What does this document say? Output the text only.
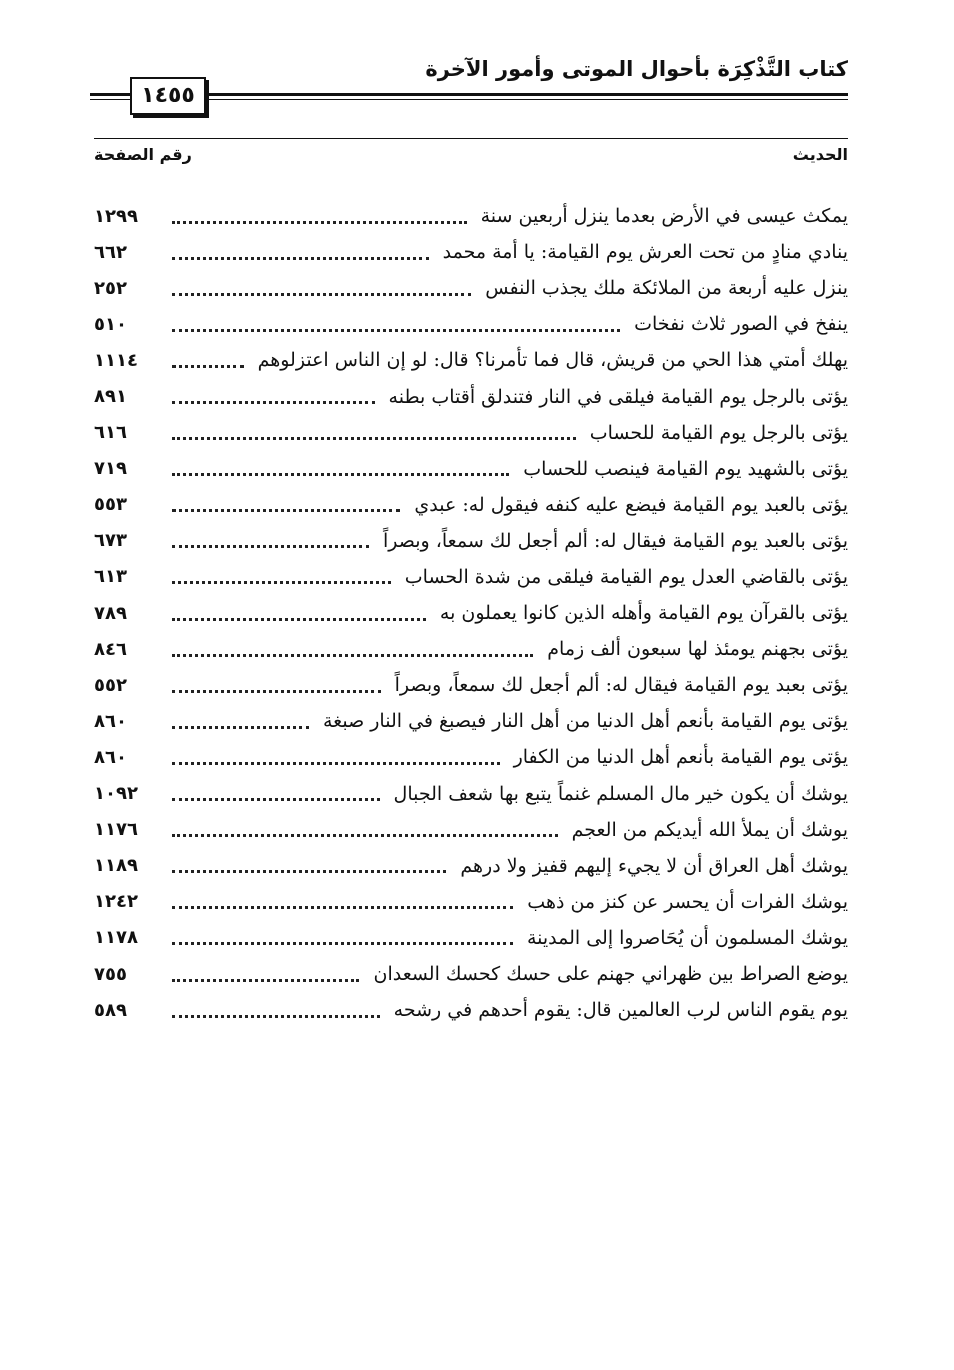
كتاب التَّذْكِرَة بأحوال الموتى وأمور الآخرة
١٤٥٥
الحديث
رقم الصفحة
يمكث عيسى في الأرض بعدما ينزل أربعين سنة
١٢٩٩
ينادي منادٍ من تحت العرش يوم القيامة: يا أمة محمد
٦٦٢
ينزل عليه أربعة من الملائكة ملك يجذب النفس
٢٥٢
ينفخ في الصور ثلاث نفخات
٥١٠
يهلك أمتي هذا الحي من قريش، قال فما تأمرنا؟ قال: لو إن الناس اعتزلوهم
١١١٤
يؤتى بالرجل يوم القيامة فيلقى في النار فتندلق أقتاب بطنه
٨٩١
يؤتى بالرجل يوم القيامة للحساب
٦١٦
يؤتى بالشهيد يوم القيامة فينصب للحساب
٧١٩
يؤتى بالعبد يوم القيامة فيضع عليه كنفه فيقول له: عبدي
٥٥٣
يؤتى بالعبد يوم القيامة فيقال له: ألم أجعل لك سمعاً، وبصراً
٦٧٣
يؤتى بالقاضي العدل يوم القيامة فيلقى من شدة الحساب
٦١٣
يؤتى بالقرآن يوم القيامة وأهله الذين كانوا يعملون به
٧٨٩
يؤتى بجهنم يومئذ لها سبعون ألف زمام
٨٤٦
يؤتى بعبد يوم القيامة فيقال له: ألم أجعل لك سمعاً، وبصراً
٥٥٢
يؤتى يوم القيامة بأنعم أهل الدنيا من أهل النار فيصبغ في النار صبغة
٨٦٠
يؤتى يوم القيامة بأنعم أهل الدنيا من الكفار
٨٦٠
يوشك أن يكون خير مال المسلم غنماً يتبع بها شعف الجبال
١٠٩٢
يوشك أن يملأ الله أيديكم من العجم
١١٧٦
يوشك أهل العراق أن لا يجيء إليهم قفيز ولا درهم
١١٨٩
يوشك الفرات أن يحسر عن كنز من ذهب
١٢٤٢
يوشك المسلمون أن يُحَاصروا إلى المدينة
١١٧٨
يوضع الصراط بين ظهراني جهنم على حسك كحسك السعدان
٧٥٥
يوم يقوم الناس لرب العالمين قال: يقوم أحدهم في رشحه
٥٨٩
